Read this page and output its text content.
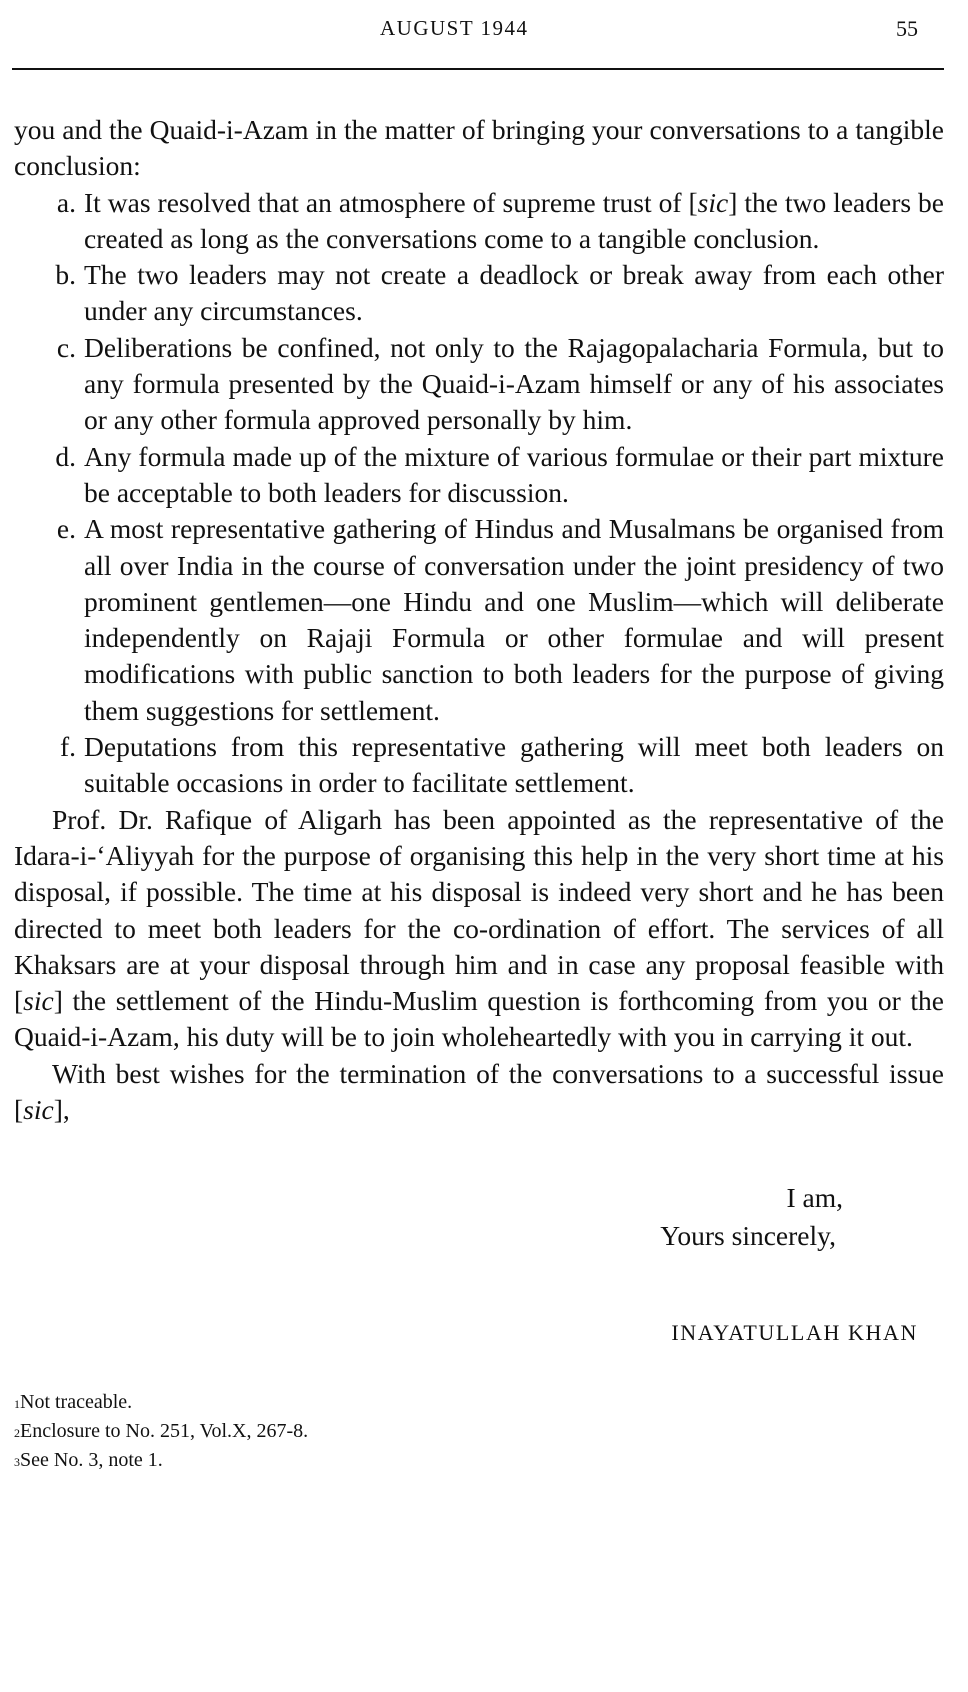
AUGUST 1944	55

you and the Quaid-i-Azam in the matter of bringing your conversations to a tangible conclusion:

a. It was resolved that an atmosphere of supreme trust of [sic] the two leaders be created as long as the conversations come to a tangible conclusion.
b. The two leaders may not create a deadlock or break away from each other under any circumstances.
c. Deliberations be confined, not only to the Rajagopalacharia Formula, but to any formula presented by the Quaid-i-Azam himself or any of his associates or any other formula approved personally by him.
d. Any formula made up of the mixture of various formulae or their part mixture be acceptable to both leaders for discussion.
e. A most representative gathering of Hindus and Musalmans be organised from all over India in the course of conversation under the joint presidency of two prominent gentlemen—one Hindu and one Muslim—which will deliberate independently on Rajaji Formula or other formulae and will present modifications with public sanction to both leaders for the purpose of giving them suggestions for settlement.
f. Deputations from this representative gathering will meet both leaders on suitable occasions in order to facilitate settlement.

Prof. Dr. Rafique of Aligarh has been appointed as the representative of the Idara-i-‘Aliyyah for the purpose of organising this help in the very short time at his disposal, if possible. The time at his disposal is indeed very short and he has been directed to meet both leaders for the co-ordination of effort. The services of all Khaksars are at your disposal through him and in case any proposal feasible with [sic] the settlement of the Hindu-Muslim question is forthcoming from you or the Quaid-i-Azam, his duty will be to join wholeheartedly with you in carrying it out.

With best wishes for the termination of the conversations to a successful issue [sic],

I am,
Yours sincerely,
INAYATULLAH KHAN
$^1$Not traceable.
$^2$Enclosure to No. 251, Vol.X, 267-8.
$^3$See No. 3, note 1.
